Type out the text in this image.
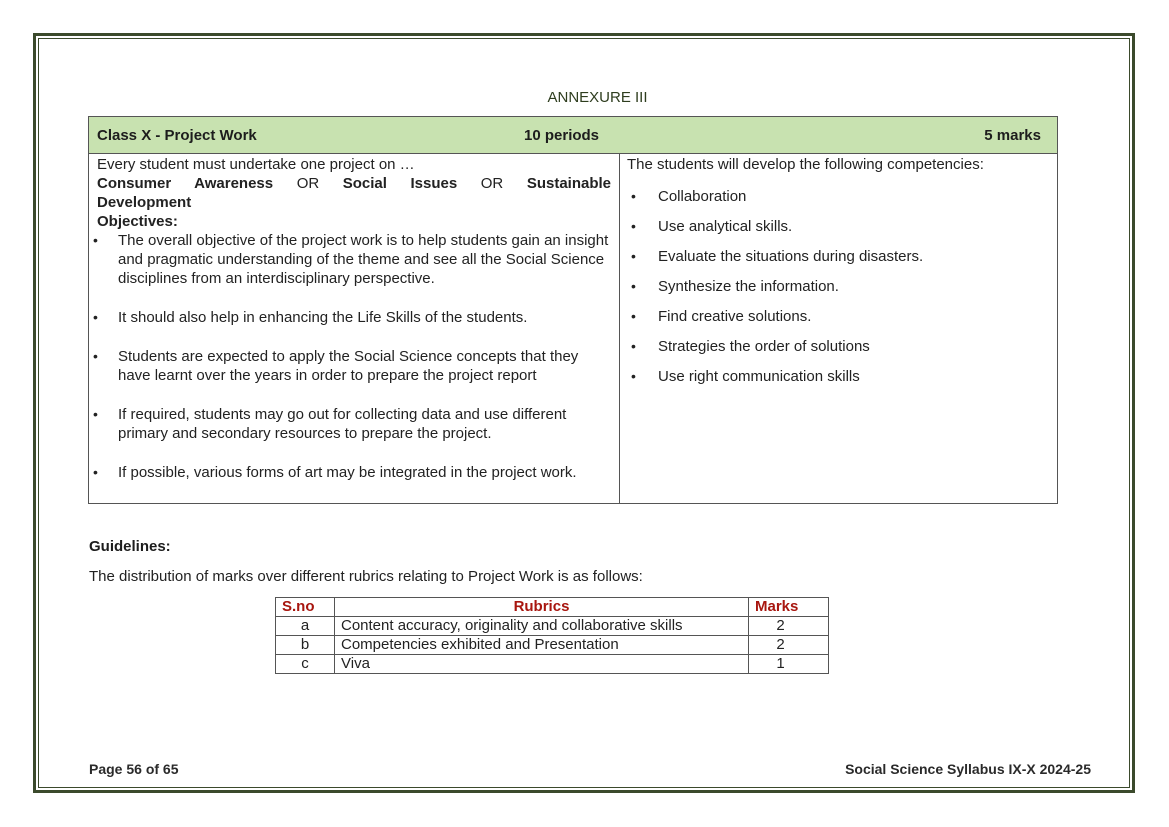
ANNEXURE III
Class X - Project Work	10 periods	5 marks
Every student must undertake one project on …
Consumer Awareness OR Social Issues OR Sustainable
Development
Objectives:
• The overall objective of the project work is to help students gain an insight and pragmatic understanding of the theme and see all the Social Science disciplines from an interdisciplinary perspective.
• It should also help in enhancing the Life Skills of the students.
• Students are expected to apply the Social Science concepts that they have learnt over the years in order to prepare the project report
• If required, students may go out for collecting data and use different primary and secondary resources to prepare the project.
• If possible, various forms of art may be integrated in the project work.
The students will develop the following competencies:
• Collaboration
• Use analytical skills.
• Evaluate the situations during disasters.
• Synthesize the information.
• Find creative solutions.
• Strategies the order of solutions
• Use right communication skills
Guidelines:
The distribution of marks over different rubrics relating to Project Work is as follows:
S.no	Rubrics	Marks
a	Content accuracy, originality and collaborative skills	2
b	Competencies exhibited and Presentation	2
c	Viva	1
Page 56 of 65	Social Science Syllabus IX-X 2024-25
